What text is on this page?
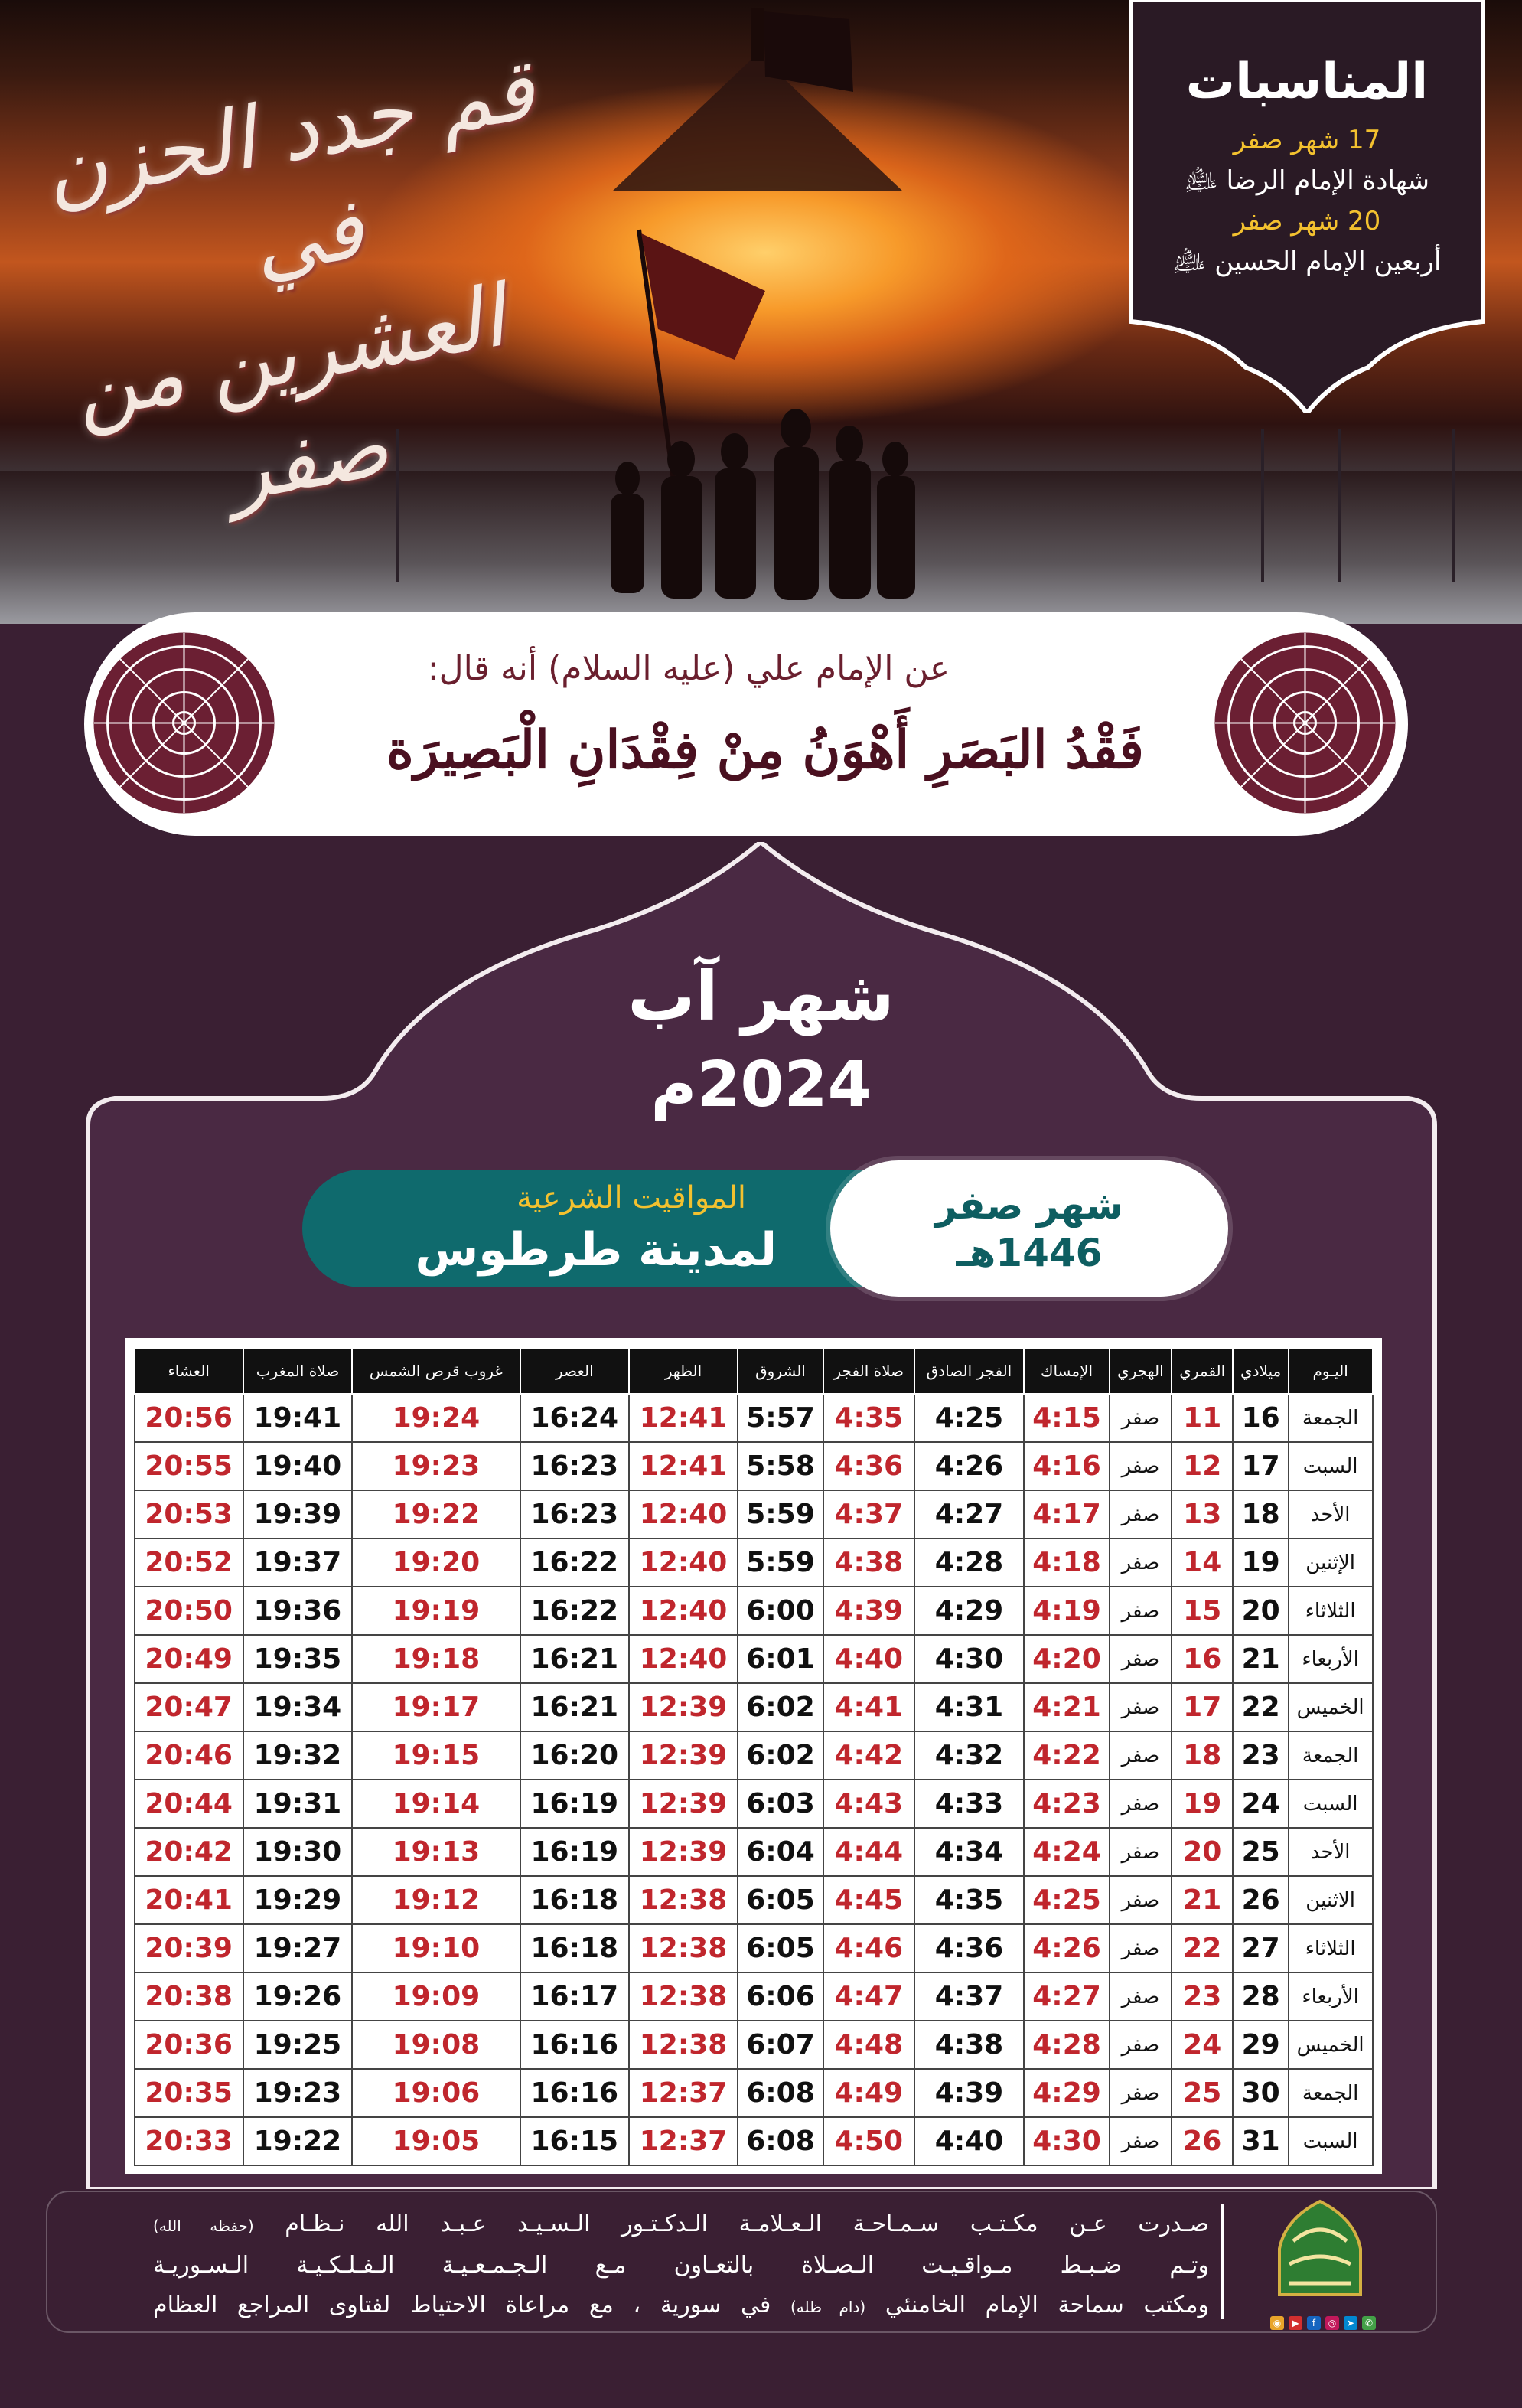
قم جدد الحزن في
العشرين من صفر
المناسبات
17 شهر صفر
شهادة الإمام الرضا ﵇
20 شهر صفر
أربعين الإمام الحسين ﵇
عن الإمام علي (عليه السلام) أنه قال:
فَقْدُ البَصَرِ أَهْوَنُ مِنْ فِقْدَانِ الْبَصِيرَة
شهر آب
2024م
المواقيت الشرعية
لمدينة طرطوس
شهر صفر
1446هـ
اليـوم	ميلادي	القمري	الهجري	الإمساك	الفجر الصادق	صلاة الفجر	الشروق	الظهر	العصر	غروب قرص الشمس	صلاة المغرب	العشاء
الجمعة	16	11	صفر	4:15	4:25	4:35	5:57	12:41	16:24	19:24	19:41	20:56
السبت	17	12	صفر	4:16	4:26	4:36	5:58	12:41	16:23	19:23	19:40	20:55
الأحد	18	13	صفر	4:17	4:27	4:37	5:59	12:40	16:23	19:22	19:39	20:53
الإثنين	19	14	صفر	4:18	4:28	4:38	5:59	12:40	16:22	19:20	19:37	20:52
الثلاثاء	20	15	صفر	4:19	4:29	4:39	6:00	12:40	16:22	19:19	19:36	20:50
الأربعاء	21	16	صفر	4:20	4:30	4:40	6:01	12:40	16:21	19:18	19:35	20:49
الخميس	22	17	صفر	4:21	4:31	4:41	6:02	12:39	16:21	19:17	19:34	20:47
الجمعة	23	18	صفر	4:22	4:32	4:42	6:02	12:39	16:20	19:15	19:32	20:46
السبت	24	19	صفر	4:23	4:33	4:43	6:03	12:39	16:19	19:14	19:31	20:44
الأحد	25	20	صفر	4:24	4:34	4:44	6:04	12:39	16:19	19:13	19:30	20:42
الاثنين	26	21	صفر	4:25	4:35	4:45	6:05	12:38	16:18	19:12	19:29	20:41
الثلاثاء	27	22	صفر	4:26	4:36	4:46	6:05	12:38	16:18	19:10	19:27	20:39
الأربعاء	28	23	صفر	4:27	4:37	4:47	6:06	12:38	16:17	19:09	19:26	20:38
الخميس	29	24	صفر	4:28	4:38	4:48	6:07	12:38	16:16	19:08	19:25	20:36
الجمعة	30	25	صفر	4:29	4:39	4:49	6:08	12:37	16:16	19:06	19:23	20:35
السبت	31	26	صفر	4:30	4:40	4:50	6:08	12:37	16:15	19:05	19:22	20:33
صـدرت عـن مكـتـب سـمـاحـة الـعـلامـة الـدكـتـور الـسـيـد عـبـد الله نـظـام (حفظه الله)
وتـم ضـبـط مـواقـيـت الـصـلاة بالتعـاون مـع الـجـمـعـيـة الـفـلـكـيـة الـسـوريـة
ومكتب سماحة الإمام الخامنئي (دام ظله) في سورية ، مع مراعاة الاحتياط لفتاوى المراجع العظام
◉	▶	f	◎	➤	✆
